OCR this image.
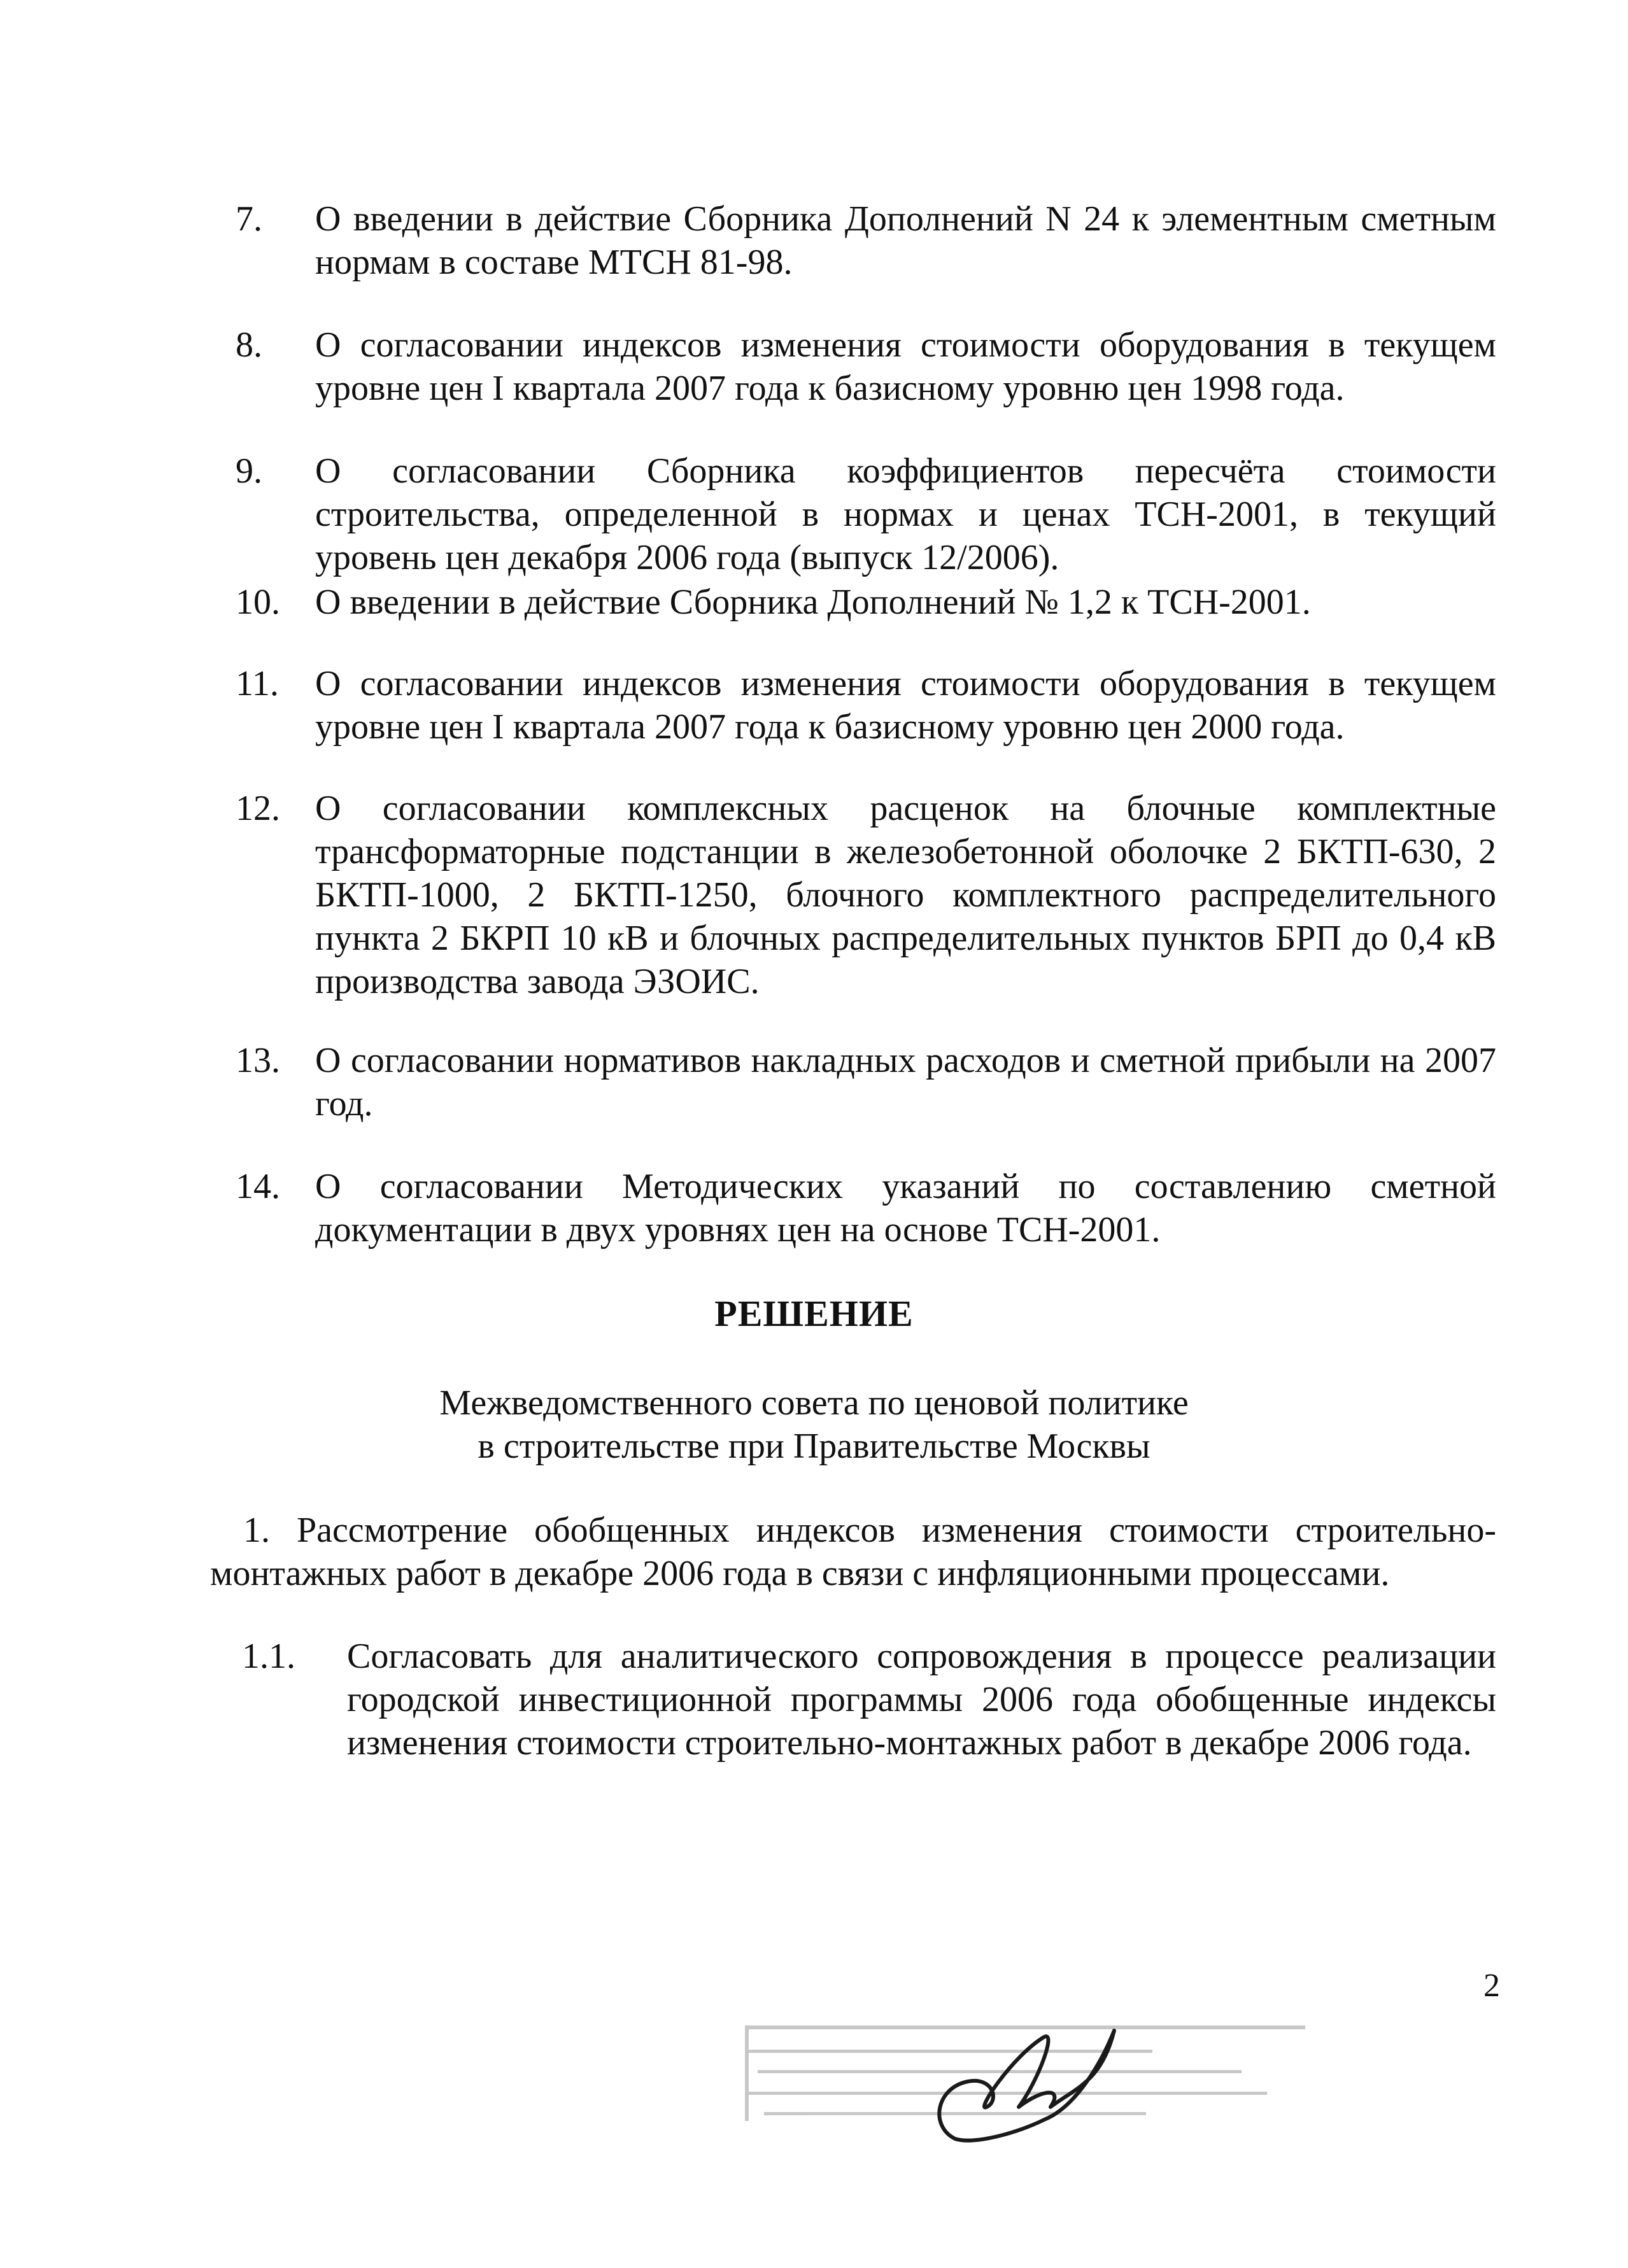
7.	О введении в действие Сборника Дополнений N 24 к элементным сметным нормам в составе МТСН 81-98.
8.	О согласовании индексов изменения стоимости оборудования в текущем уровне цен I квартала 2007 года к базисному уровню цен 1998 года.
9.	О согласовании Сборника коэффициентов пересчёта стоимости строительства, определенной в нормах и ценах ТСН-2001, в текущий уровень цен декабря 2006 года (выпуск 12/2006).
10. О введении в действие Сборника Дополнений № 1,2 к ТСН-2001.
11.	О согласовании индексов изменения стоимости оборудования в текущем уровне цен I квартала 2007 года к базисному уровню цен 2000 года.
12. О согласовании комплексных расценок на блочные комплектные трансформаторные подстанции в железобетонной оболочке 2 БКТП-630, 2 БКТП-1000, 2 БКТП-1250, блочного комплектного распределительного пункта 2 БКРП 10 кВ и блочных распределительных пунктов БРП до 0,4 кВ производства завода ЭЗОИС.
13. О согласовании нормативов накладных расходов и сметной прибыли на 2007 год.
14. О согласовании Методических указаний по составлению сметной документации в двух уровнях цен на основе ТСН-2001.
РЕШЕНИЕ
Межведомственного совета по ценовой политике
в строительстве при Правительстве Москвы
1. Рассмотрение обобщенных индексов изменения стоимости строительно-монтажных работ в декабре 2006 года в связи с инфляционными процессами.
1.1.	Согласовать для аналитического сопровождения в процессе реализации городской инвестиционной программы 2006 года обобщенные индексы изменения стоимости строительно-монтажных работ в декабре 2006 года.
2
